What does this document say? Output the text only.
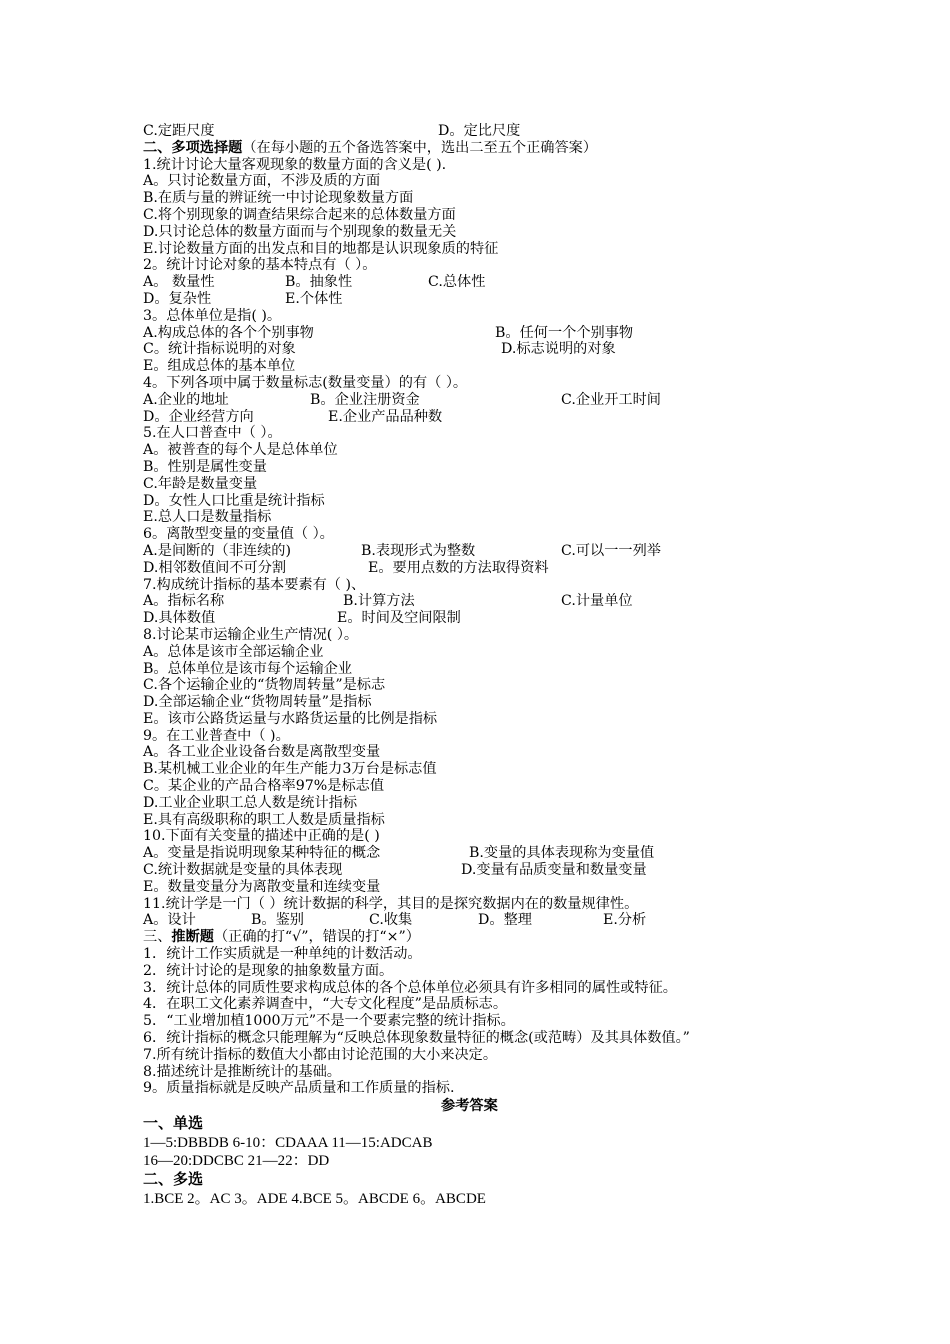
C.定距尺度	D。定比尺度
二、多项选择题（在每小题的五个备选答案中，选出二至五个正确答案）
1.统计讨论大量客观现象的数量方面的含义是( ).
A。只讨论数量方面，不涉及质的方面
B.在质与量的辨证统一中讨论现象数量方面
C.将个别现象的调查结果综合起来的总体数量方面
D.只讨论总体的数量方面而与个别现象的数量无关
E.讨论数量方面的出发点和目的地都是认识现象质的特征
2。统计讨论对象的基本特点有（ ）。
A。 数量性	B。抽象性	C.总体性
D。复杂性	E.个体性
3。总体单位是指( )。
A.构成总体的各个个别事物	B。任何一个个别事物
C。统计指标说明的对象	D.标志说明的对象
E。组成总体的基本单位
4。下列各项中属于数量标志(数量变量）的有（ ）。
A.企业的地址	B。企业注册资金	C.企业开工时间
D。企业经营方向	E.企业产品品种数
5.在人口普查中（ ）。
A。被普查的每个人是总体单位
B。性别是属性变量
C.年龄是数量变量
D。女性人口比重是统计指标
E.总人口是数量指标
6。离散型变量的变量值（ ）。
A.是间断的（非连续的)	B.表现形式为整数	C.可以一一列举
D.相邻数值间不可分割	E。要用点数的方法取得资料
7.构成统计指标的基本要素有（ )、
A。指标名称	B.计算方法	C.计量单位
D.具体数值	E。时间及空间限制
8.讨论某市运输企业生产情况( ）。
A。总体是该市全部运输企业
B。总体单位是该市每个运输企业
C.各个运输企业的“货物周转量”是标志
D.全部运输企业“货物周转量”是指标
E。该市公路货运量与水路货运量的比例是指标
9。在工业普查中（ )。
A。各工业企业设备台数是离散型变量
B.某机械工业企业的年生产能力3万台是标志值
C。某企业的产品合格率97%是标志值
D.工业企业职工总人数是统计指标
E.具有高级职称的职工人数是质量指标
10.下面有关变量的描述中正确的是( )
A。变量是指说明现象某种特征的概念	B.变量的具体表现称为变量值
C.统计数据就是变量的具体表现	D.变量有品质变量和数量变量
E。数量变量分为离散变量和连续变量
11.统计学是一门（ ）统计数据的科学，其目的是探究数据内在的数量规律性。
A。设计	B。鉴别	C.收集	D。整理	E.分析
三、推断题（正确的打“√”，错误的打“×”）
1．统计工作实质就是一种单纯的计数活动。
2．统计讨论的是现象的抽象数量方面。
3．统计总体的同质性要求构成总体的各个总体单位必须具有许多相同的属性或特征。
4．在职工文化素养调查中，“大专文化程度”是品质标志。
5．“工业增加植1000万元”不是一个要素完整的统计指标。
6．统计指标的概念只能理解为“反映总体现象数量特征的概念(或范畴）及其具体数值。”
7.所有统计指标的数值大小都由讨论范围的大小来决定。
8.描述统计是推断统计的基础。
9。质量指标就是反映产品质量和工作质量的指标.
参考答案
一、单选
1—5:DBBDB 6-10：CDAAA 11—15:ADCAB
16—20:DDCBC 21—22：DD
二、多选
1.BCE 2。AC 3。ADE 4.BCE 5。ABCDE 6。ABCDE
